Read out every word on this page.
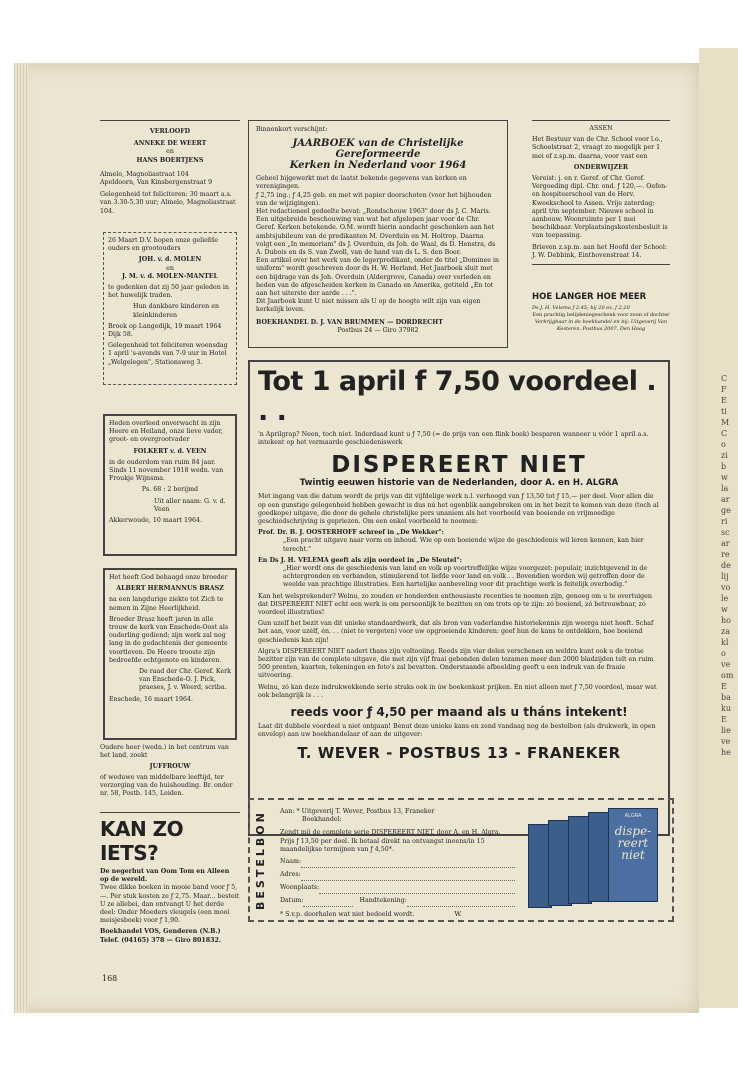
C
F
E
ti
M
C
o
zi
b
w
la
ar
ge
ri
sc
ar
re
de
lij
vo
le
w
ho
za
kl
o
ve
om
E
ba
ku
E
lie
ve
he

VERLOOFD

ANNEKE DE WEERT

en

HANS BOERTJENS

Almelo, Magnoliastraat 104

Apeldoorn, Van Kinsbergenstraat 9

Gelegenheid tot feliciteren: 30 maart a.s. van 3.30-5.30 uur; Almelo, Magnoliastraat 104.

26 Maart D.V. hopen onze geliefde ouders en grootouders

JOH. v. d. MOLEN

en

J. M. v. d. MOLEN-MANTEL

te gedenken dat zij 50 jaar geleden in het huwelijk traden.

Hun dankbare kinderen en kleinkinderen

Broek op Langedijk, 19 maart 1964 Dijk 58.

Gelegenheid tot feliciteren woensdag 1 april 's-avonds van 7-9 uur in Hotel „Welgelegen", Stationsweg 3.

Heden overleed onverwacht in zijn Heere en Heiland, onze lieve vader, groot- en overgrootvader

FOLKERT v. d. VEEN

in de ouderdom van ruim 84 jaar. Sinds 11 november 1918 wedn. van Froukje Wijnsma.

Ps. 68 : 2 berijmd

Uit aller naam: G. v. d. Veen

Akkerwoude, 10 maart 1964.

Het heeft God behaagd onze broeder

ALBERT HERMANNUS BRASZ

na een langdurige ziekte tot Zich te nemen in Zijne Heerlijkheid.

Broeder Brasz heeft jaren in alle trouw de kerk van Enschede-Oost als ouderling gediend; zijn werk zal nog lang in de gedachtenis der gemeente voortleven. De Heere trooste zijn bedroefde echtgenote en kinderen.

De raad der Chr. Geref. Kerk van Enschede-O. J. Pick, praeses, J. v. Weerd, scriba.

Enschede, 16 maart 1964.

Oudere heer (wedn.) in het centrum van het land, zoekt

JUFFROUW

of weduwe van middelbare leeftijd, ter verzorging van de huishouding. Br. onder nr. 58, Postb. 145, Leiden.

KAN ZO IETS?

De negerhut van Oom Tom en Alleen op de wereld.

Twee dikke boeken in mooie band voor ƒ 5,—. Per stuk kosten ze ƒ 2,75. Maar... besteit U ze allebei, dan ontvangt U het derde deel: Onder Moeders vleugels (een mooi meisjesboek) voor ƒ 1,90.

Boekhandel VOS, Genderen (N.B.) Telef. (04165) 378 — Giro 801832.

168

Binnenkort verschijnt:

JAARBOEK van de Christelijke Gereformeerde

Kerken in Nederland voor 1964

Geheel bijgewerkt met de laatst bekende gegevens van kerken en verenigingen.

ƒ 2,75 ing.; ƒ 4,25 geb. en met wit papier doorschoten (voor het bijhouden van de wijzigingen).

Het redactioneel gedeelte bevat: „Rondschouw 1963" door ds J. C. Maris. Een uitgebreide beschouwing van wat het afgelopen jaar voor de Chr. Geref. Kerken betekende. O.M. wordt hierin aandacht geschonken aan het ambtsjubileum van de predikanten M. Overduin en M. Holtrop. Daarna volgt een „In memoriam" ds J. Overduin, ds Joh. de Waal, ds D. Henstra, ds A. Dubois en ds S. van Zwoll, van de hand van ds L. S. den Boer.

Een artikel over het werk van de legerpredikant, onder de titel „Dominee in uniform" wordt geschreven door ds H. W. Herland. Het Jaarboek sluit met een bijdrage van ds Joh. Overduin (Aldergrove, Canada) over verleden en heden van de afgescheiden kerken in Canada en Amerika, getiteld „En tot aan het uiterste der aarde . . .".

Dit Jaarboek kunt U niet missen als U op de hoogte wilt zijn van eigen kerkelijk leven.

BOEKHANDEL D. J. VAN BRUMMEN — DORDRECHT

Postbus 24 — Giro 37982

ASSEN

Het Bestuur van de Chr. School voor l.o., Schoolstraat 2, vraagt zo mogelijk per 1 mei of z.sp.m. daarna, voor vast een

ONDERWIJZER

Vereist: j. en r. Geref. of Chr. Geref. Vergoeding dipl. Chr. ond. ƒ 120,—. Oefen- en hospiteerschool van de Herv. Kweekschool te Assen. Vrije zaterdag; april t/m september. Nieuwe school in aanbouw. Woonruimte per 1 mei beschikbaar. Verplaatsingskostenbesluit is van toepassing.

Brieven z.sp.m. aan het Hoofd der School: J. W. Debbink, Einthovenstraat 14.

HOE LANGER HOE MEER

Ds J. H. Velema ƒ 2,45; bij 20 ex. ƒ 2,20

Een prachtig belijdeniegeschenk voor zoon of dochter

Verkrijgbaar in de boekhandel en bij: Uitgeverij Van Kesteren, Postbus 2007, Den Haag

Tot 1 april f 7,50 voordeel . . .

'n Aprilgrap? Neen, toch niet. Inderdaad kunt u ƒ 7,50 (= de prijs van een flink boek) besparen wanneer u vóór 1 april a.s. intekent op het vermaarde geschiedeniswerk

DISPEREERT NIET

Twintig eeuwen historie van de Nederlanden, door A. en H. ALGRA

Met ingang van die datum wordt de prijs van dit vijfdelige werk n.l. verhoogd van ƒ 13,50 tot ƒ 15,— per deel. Voor allen die op een gunstige gelegenheid hebben gewacht is dus nú het ogenblik aangebroken om in het bezit te komen van deze (toch al goedkope) uitgave, die door de gehele christelijke pers unaniem als het voorbeeld van boeiende en vrijmoedige geschiedschrijving is gepriezen. Om een enkel voorbeeld te noemen:

Prof. Dr. B. J. OOSTERHOFF schreef in „De Wekker":

„Een pracht uitgave naar vorm en inhoud. Wie op een boeiende wijze de geschiedenis wil leren kennen, kan hier terecht."

En Ds J. H. VELEMA geeft als zijn oordeel in „De Sleutel":

„Hier wordt ons de geschiedenis van land en volk op voortreffelijke wijze voorgezet: populair, inzichtgevend in de achtergronden en verbanden, stimulerend tot liefde voor land en volk . . Bovendien worden wij getroffen door de weelde van prachtige illustraties. Een hartelijke aanbeveling voor dit prachtige werk is feitelijk overbodig."

Kan het welsprekender? Welnu, zo zouden er honderden enthousiaste recenties te noemen zijn, genoeg om u te overtuigen dat DISPEREERT NIET echt een werk is om persoonlijk te bezitten en om trots op te zijn: zó boeiend, zó betrouwbaar, zó voordeel illustraties!

Gun uzelf het bezit van dit unieke standaardwerk, dat als bron van vaderlandse historiekennis zijn weerga niet heeft. Schaf het aan, voor uzélf, én. . . (niet te vergeten) voor uw opgroeiende kinderen: geef hun de kans te ontdekken, hoe boeiend geschiedenis kan zijn!

Algra's DISPEREERT NIET nadert thans zijn voltooiing. Reeds zijn vier delen verschenen en weldra kunt ook u de trotse bezitter zijn van de complete uitgave, die met zijn vijf fraai gebonden delen tezamen meer dan 2000 bladzijden telt en ruim 500 prenten, kaarten, tekeningen en foto's zal bevatten. Onderstaande afbeelding geeft u een indruk van de fraaie uitvoering.

Welnu, zó kan deze indrukwekkende serie straks ook in úw boekenkast prijken. En niet alleen met ƒ 7,50 voordeel, maar wat ook belangrijk is . . .

reeds voor ƒ 4,50 per maand als u tháns intekent!

Laat dit dubbele voordeel u niet ontgaan! Benut deze unieke kans en zend vandaag nog de bestelbon (als drukwerk, in open envelop) aan uw boekhandelaar of aan de uitgever:

T. WEVER - POSTBUS 13 - FRANEKER

BESTELBON Aan: * Uitgeverij T. Wever, Postbus 13, Franeker

Boekhandel:

Zendt mij de complete serie DISPEREERT NIET, door A. en H. Algra. Prijs ƒ 13,50 per deel. Ik betaal direkt na ontvangst ineens/in 15 maandelijkse termijnen van ƒ 4,50*.

Naam:
Adres:
Woonplaats:
Datum:	Handtekening:

* S.v.p. doorhalen wat niet bedoeld wordt.	W.

ALGRA

dispe-reert niet
